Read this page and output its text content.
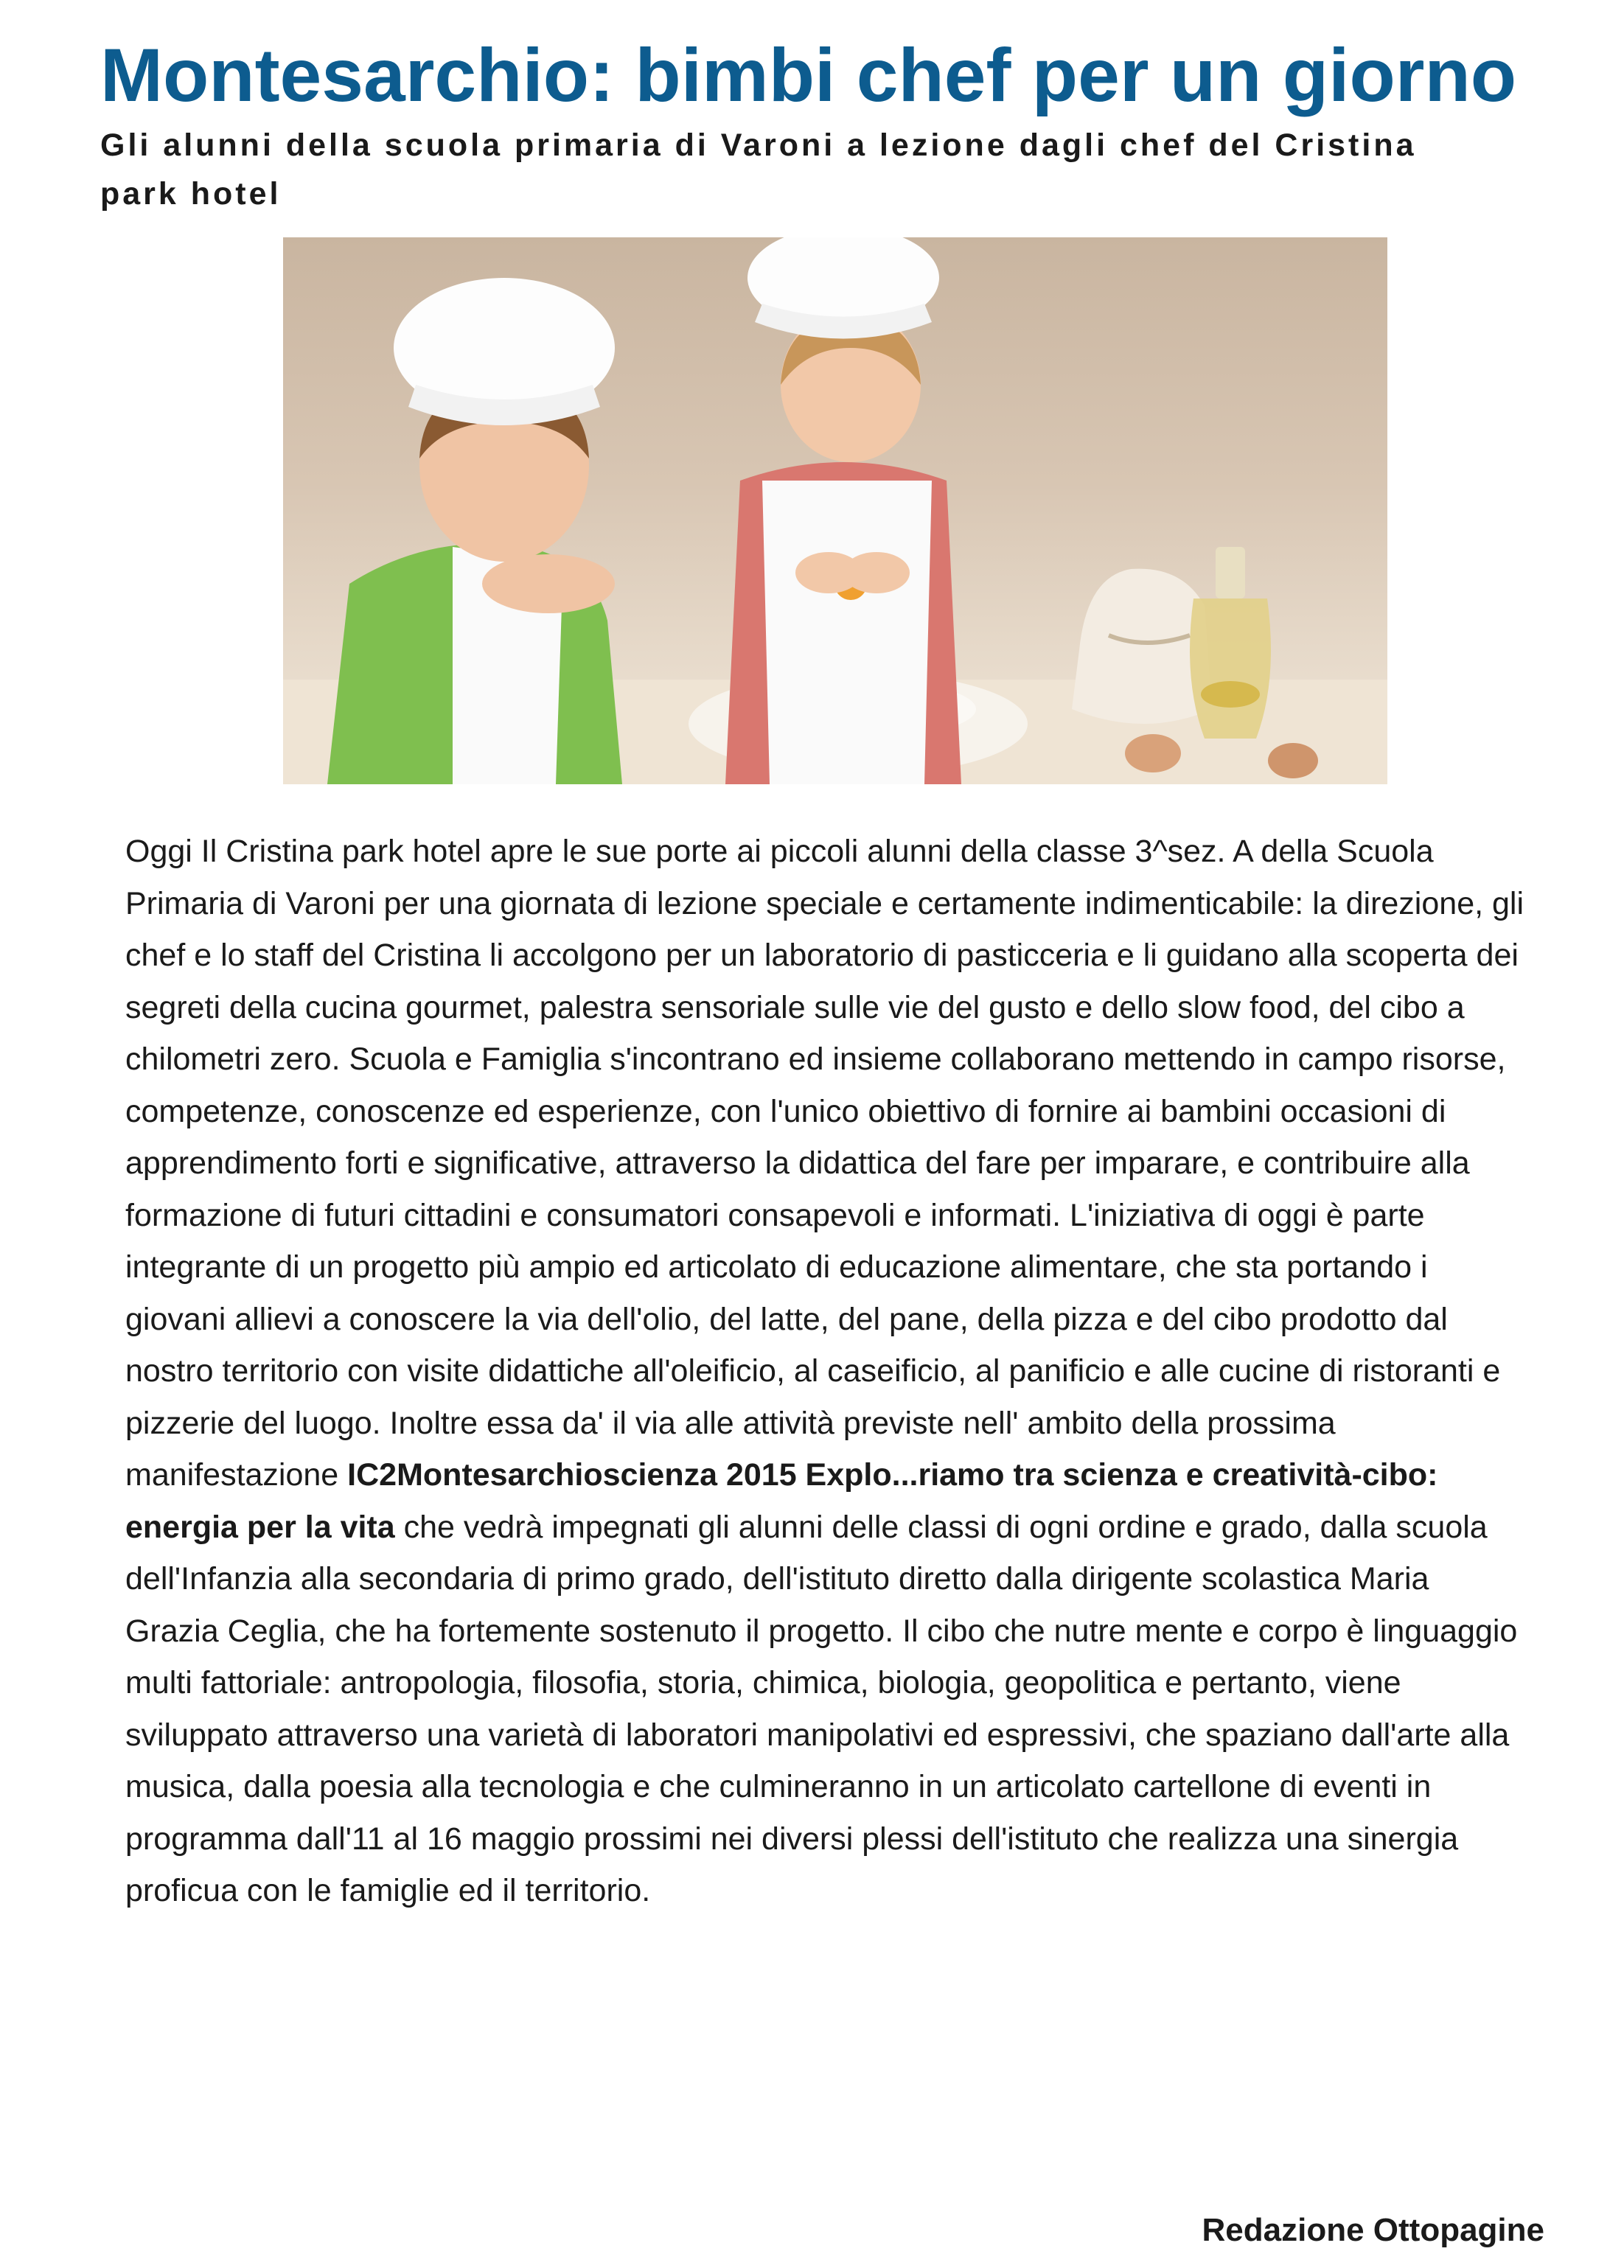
Montesarchio: bimbi chef per un giorno

Gli alunni della scuola primaria di Varoni a lezione dagli chef del Cristina park hotel

Oggi Il Cristina park hotel apre le sue porte ai piccoli alunni della classe 3^sez. A della Scuola Primaria di Varoni per una giornata di lezione speciale e certamente indimenticabile: la direzione, gli chef e lo staff del Cristina li accolgono per un laboratorio di pasticceria e li guidano alla scoperta dei segreti della cucina gourmet, palestra sensoriale sulle vie del gusto e dello slow food, del cibo a chilometri zero. Scuola e Famiglia s'incontrano ed insieme collaborano mettendo in campo risorse, competenze, conoscenze ed esperienze, con l'unico obiettivo di fornire ai bambini occasioni di apprendimento forti e significative, attraverso la didattica del fare per imparare, e contribuire alla formazione di futuri cittadini e consumatori consapevoli e informati. L'iniziativa di oggi è parte integrante di un progetto più ampio ed articolato di educazione alimentare, che sta portando i giovani allievi a conoscere la via dell'olio, del latte, del pane, della pizza e del cibo prodotto dal nostro territorio con visite didattiche all'oleificio, al caseificio, al panificio e alle cucine di ristoranti e pizzerie del luogo. Inoltre essa da' il via alle attività previste nell' ambito della prossima manifestazione IC2Montesarchioscienza 2015 Explo...riamo tra scienza e creatività-cibo: energia per la vita che vedrà impegnati gli alunni delle classi di ogni ordine e grado, dalla scuola dell'Infanzia alla secondaria di primo grado, dell'istituto diretto dalla dirigente scolastica Maria Grazia Ceglia, che ha fortemente sostenuto il progetto. Il cibo che nutre mente e corpo è linguaggio multi fattoriale: antropologia, filosofia, storia, chimica, biologia, geopolitica e pertanto, viene sviluppato attraverso una varietà di laboratori manipolativi ed espressivi, che spaziano dall'arte alla musica, dalla poesia alla tecnologia e che culmineranno in un articolato cartellone di eventi in programma dall'11 al 16 maggio prossimi nei diversi plessi dell'istituto che realizza una sinergia proficua con le famiglie ed il territorio.

Redazione Ottopagine
